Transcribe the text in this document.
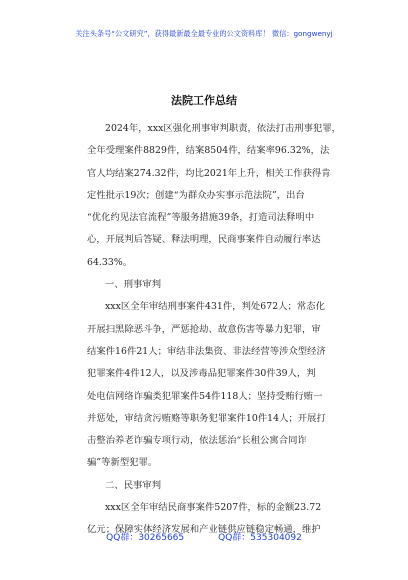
关注头条号“公文研究”，获得最新最全最专业的公文资料库！ 微信：gongwenyj
法院工作总结
2024年，xxx区强化刑事审判职责，依法打击刑事犯罪，
全年受理案件8829件，结案8504件，结案率96.32%，法
官人均结案274.32件，均比2021年上升，相关工作获得肯
定性批示19次；创建“为群众办实事示范法院”，出台
“优化约见法官流程”等服务措施39条，打造司法释明中
心，开展判后答疑、释法明理，民商事案件自动履行率达
64.33%。
一、刑事审判
xxx区全年审结刑事案件431件，判处672人；常态化
开展扫黑除恶斗争，严惩抢劫、故意伤害等暴力犯罪，审
结案件16件21人；审结非法集资、非法经营等涉众型经济
犯罪案件4件12人，以及涉毒品犯罪案件30件39人，判
处电信网络诈骗类犯罪案件54件118人；坚持受贿行贿一
并惩处，审结贪污贿赂等职务犯罪案件10件14人；开展打
击整治养老诈骗专项行动，依法惩治“长租公寓合同诈
骗”等新型犯罪。
二、民事审判
xxx区全年审结民商事案件5207件，标的金额23.72
亿元；保障实体经济发展和产业链供应链稳定畅通，维护
QQ群：30265665	QQ群：535304092
